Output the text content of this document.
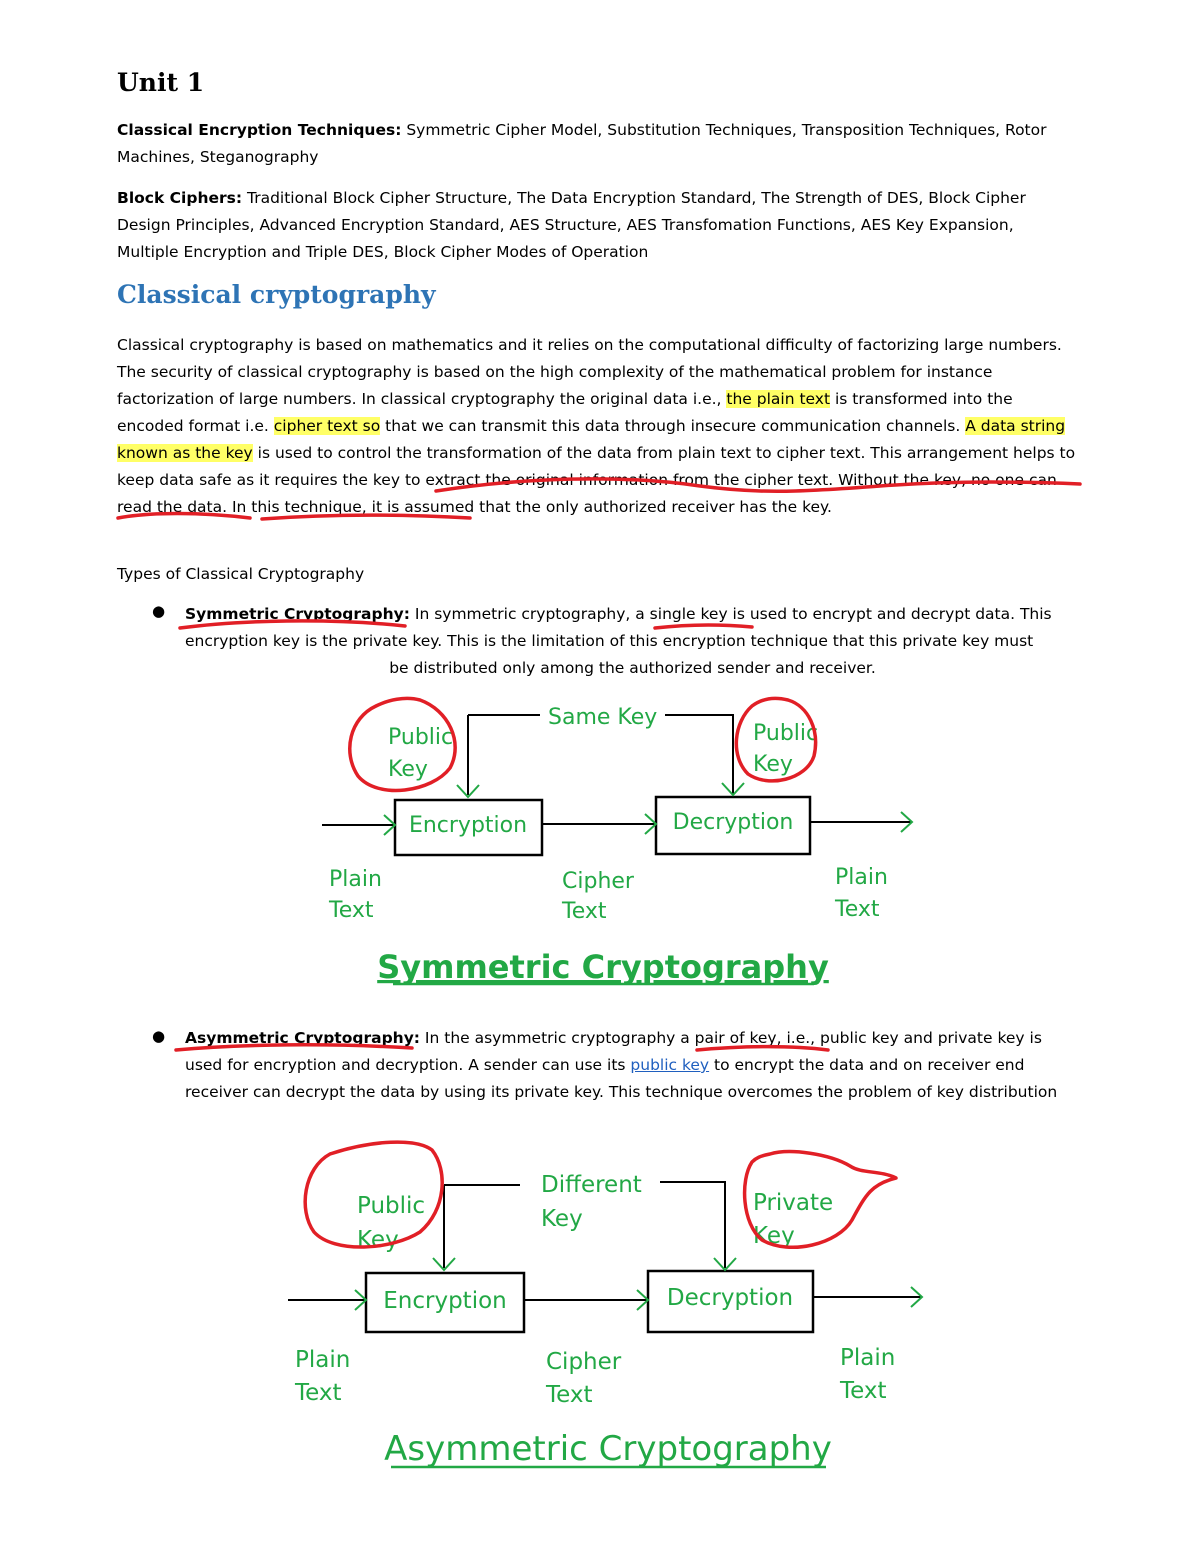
Unit 1

Classical Encryption Techniques: Symmetric Cipher Model, Substitution Techniques, Transposition Techniques, Rotor Machines, Steganography

Block Ciphers: Traditional Block Cipher Structure, The Data Encryption Standard, The Strength of DES, Block Cipher Design Principles, Advanced Encryption Standard, AES Structure, AES Transfomation Functions, AES Key Expansion, Multiple Encryption and Triple DES, Block Cipher Modes of Operation

Classical cryptography

Classical cryptography is based on mathematics and it relies on the computational difficulty of factorizing large numbers. The security of classical cryptography is based on the high complexity of the mathematical problem for instance factorization of large numbers. In classical cryptography the original data i.e., the plain text is transformed into the encoded format i.e. cipher text so that we can transmit this data through insecure communication channels. A data string known as the key is used to control the transformation of the data from plain text to cipher text. This arrangement helps to keep data safe as it requires the key to extract the original information from the cipher text. Without the key, no one can read the data. In this technique, it is assumed that the only authorized receiver has the key.

Types of Classical Cryptography

● Symmetric Cryptography: In symmetric cryptography, a single key is used to encrypt and decrypt data. This encryption key is the private key. This is the limitation of this encryption technique that this private key must
be distributed only among the authorized sender and receiver.

Same Key
Public
Key
Public
Key
Encryption	Decryption
Plain
Text
Cipher
Text
Plain
Text
Symmetric Cryptography
● Asymmetric Cryptography: In the asymmetric cryptography a pair of key, i.e., public key and private key is used for encryption and decryption. A sender can use its public key to encrypt the data and on receiver end receiver can decrypt the data by using its private key. This technique overcomes the problem of key distribution

Different
Key
Public
Key
Private
Key
Encryption	Decryption
Plain
Text
Cipher
Text
Plain
Text
Asymmetric Cryptography
